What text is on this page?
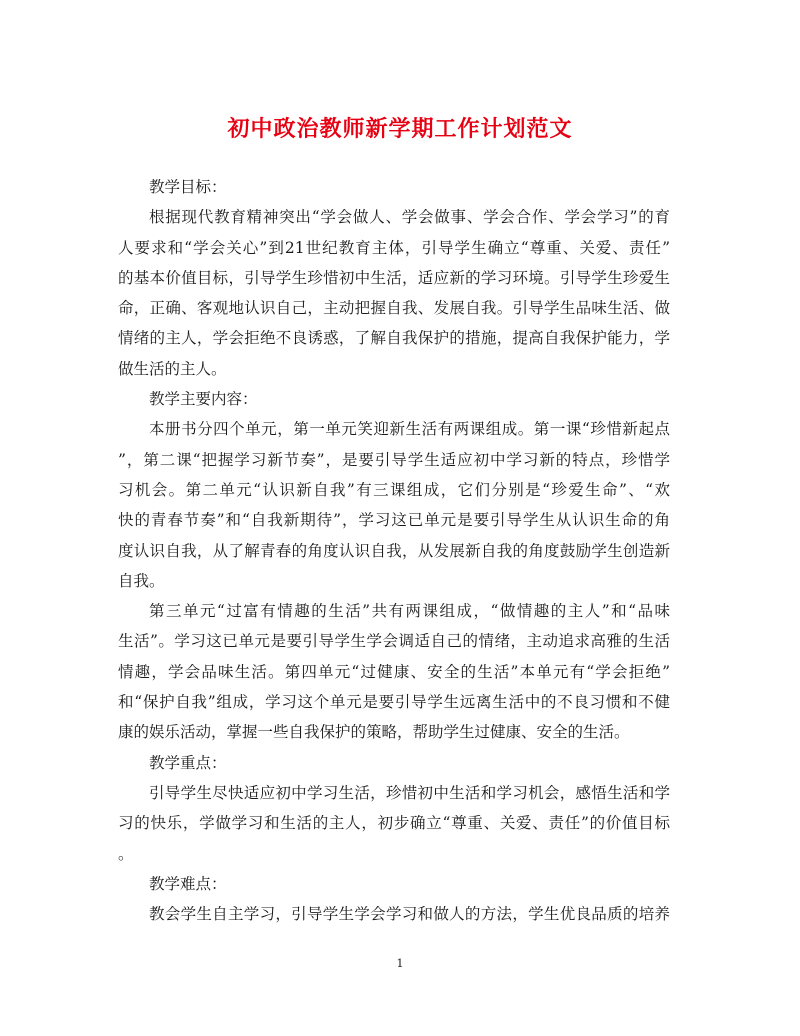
初中政治教师新学期工作计划范文
教学目标：
根据现代教育精神突出“学会做人、学会做事、学会合作、学会学习”的育
人要求和“学会关心”到21世纪教育主体，引导学生确立“尊重、关爱、责任”
的基本价值目标，引导学生珍惜初中生活，适应新的学习环境。引导学生珍爱生
命，正确、客观地认识自己，主动把握自我、发展自我。引导学生品味生活、做
情绪的主人，学会拒绝不良诱惑，了解自我保护的措施，提高自我保护能力，学
做生活的主人。
教学主要内容：
本册书分四个单元，第一单元笑迎新生活有两课组成。第一课“珍惜新起点
”，第二课“把握学习新节奏”，是要引导学生适应初中学习新的特点，珍惜学
习机会。第二单元“认识新自我”有三课组成，它们分别是“珍爱生命”、“欢
快的青春节奏”和“自我新期待”，学习这已单元是要引导学生从认识生命的角
度认识自我，从了解青春的角度认识自我，从发展新自我的角度鼓励学生创造新
自我。
第三单元“过富有情趣的生活”共有两课组成，“做情趣的主人”和“品味
生活”。学习这已单元是要引导学生学会调适自己的情绪，主动追求高雅的生活
情趣，学会品味生活。第四单元“过健康、安全的生活”本单元有“学会拒绝”
和“保护自我”组成，学习这个单元是要引导学生远离生活中的不良习惯和不健
康的娱乐活动，掌握一些自我保护的策略，帮助学生过健康、安全的生活。
教学重点：
引导学生尽快适应初中学习生活，珍惜初中生活和学习机会，感悟生活和学
习的快乐，学做学习和生活的主人，初步确立“尊重、关爱、责任”的价值目标
。
教学难点：
教会学生自主学习，引导学生学会学习和做人的方法，学生优良品质的培养
1
